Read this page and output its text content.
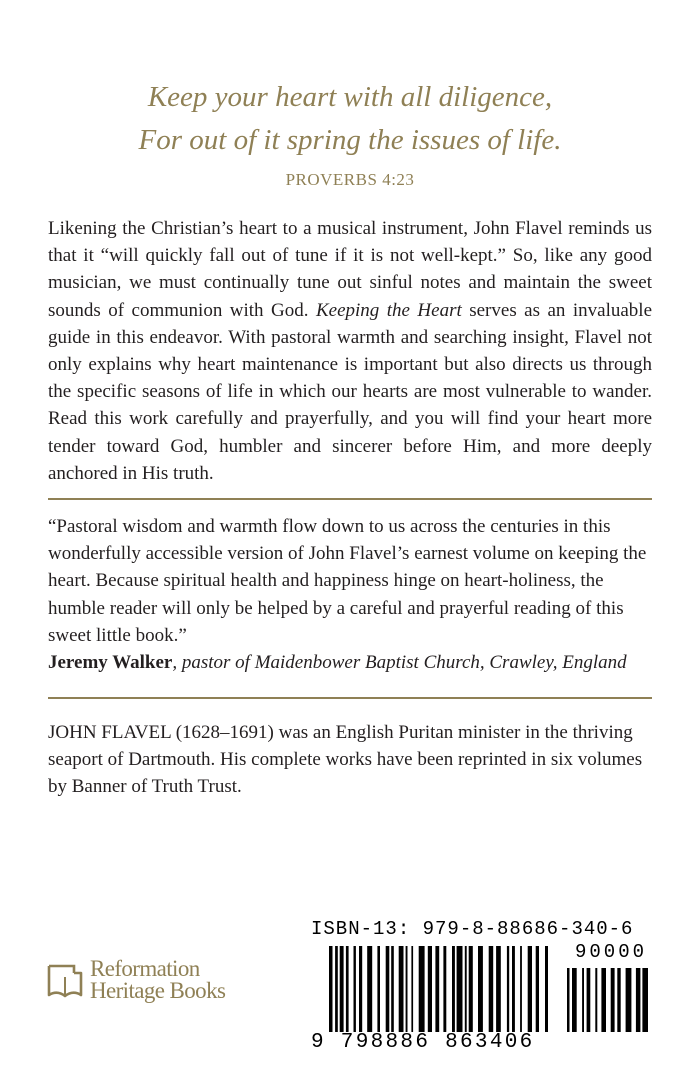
Keep your heart with all diligence,
For out of it spring the issues of life.
PROVERBS 4:23

Likening the Christian’s heart to a musical instrument, John Flavel reminds us that it “will quickly fall out of tune if it is not well-kept.” So, like any good musician, we must continually tune out sinful notes and maintain the sweet sounds of communion with God. Keeping the Heart serves as an invaluable guide in this endeavor. With pastoral warmth and searching insight, Flavel not only explains why heart maintenance is important but also directs us through the specific seasons of life in which our hearts are most vulnerable to wander. Read this work carefully and prayerfully, and you will find your heart more tender toward God, humbler and sincerer before Him, and more deeply anchored in His truth.

“Pastoral wisdom and warmth flow down to us across the centuries in this wonderfully accessible version of John Flavel’s earnest volume on keeping the heart. Because spiritual health and happiness hinge on heart-holiness, the humble reader will only be helped by a careful and prayerful reading of this sweet little book.”
Jeremy Walker, pastor of Maidenbower Baptist Church, Crawley, England

JOHN FLAVEL (1628–1691) was an English Puritan minister in the thriving seaport of Dartmouth. His complete works have been reprinted in six volumes by Banner of Truth Trust.

Reformation
Heritage Books
ISBN-13: 979-8-88686-340-6
90000
9 798886 863406
